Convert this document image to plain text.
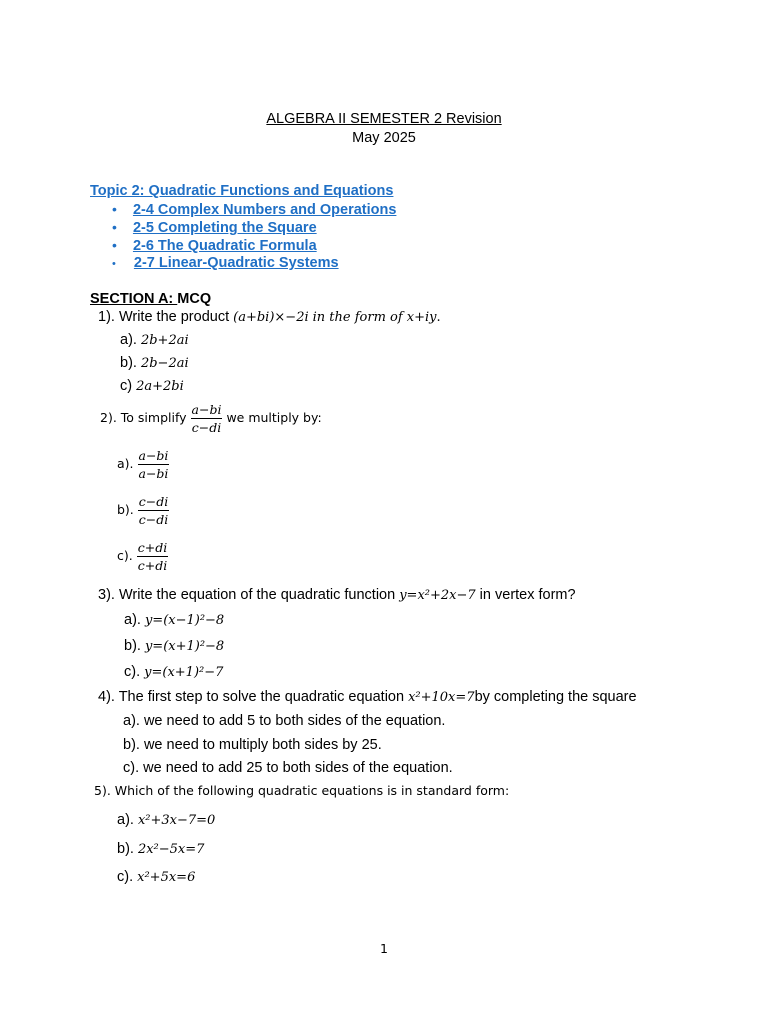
ALGEBRA II SEMESTER 2 Revision
May 2025
Topic 2: Quadratic Functions and Equations
• 2-4 Complex Numbers and Operations
• 2-5 Completing the Square
• 2-6 The Quadratic Formula
• 2-7 Linear-Quadratic Systems
SECTION A: MCQ
1). Write the product (a+bi)×−2i in the form of x+iy.
a). 2b+2ai
b). 2b−2ai
c) 2a+2bi
2). To simplify $\frac{a-bi}{c-di}$ we multiply by:
a). $\frac{a-bi}{a-bi}$
b). $\frac{c-di}{c-di}$
c). $\frac{c+di}{c+di}$
3). Write the equation of the quadratic function y=x²+2x−7 in vertex form?
a). y=(x−1)²−8
b). y=(x+1)²−8
c). y=(x+1)²−7
4). The first step to solve the quadratic equation x²+10x=7by completing the square
a). we need to add 5 to both sides of the equation.
b). we need to multiply both sides by 25.
c). we need to add 25 to both sides of the equation.
5). Which of the following quadratic equations is in standard form:
a). x²+3x−7=0
b). 2x²−5x=7
c). x²+5x=6
1
